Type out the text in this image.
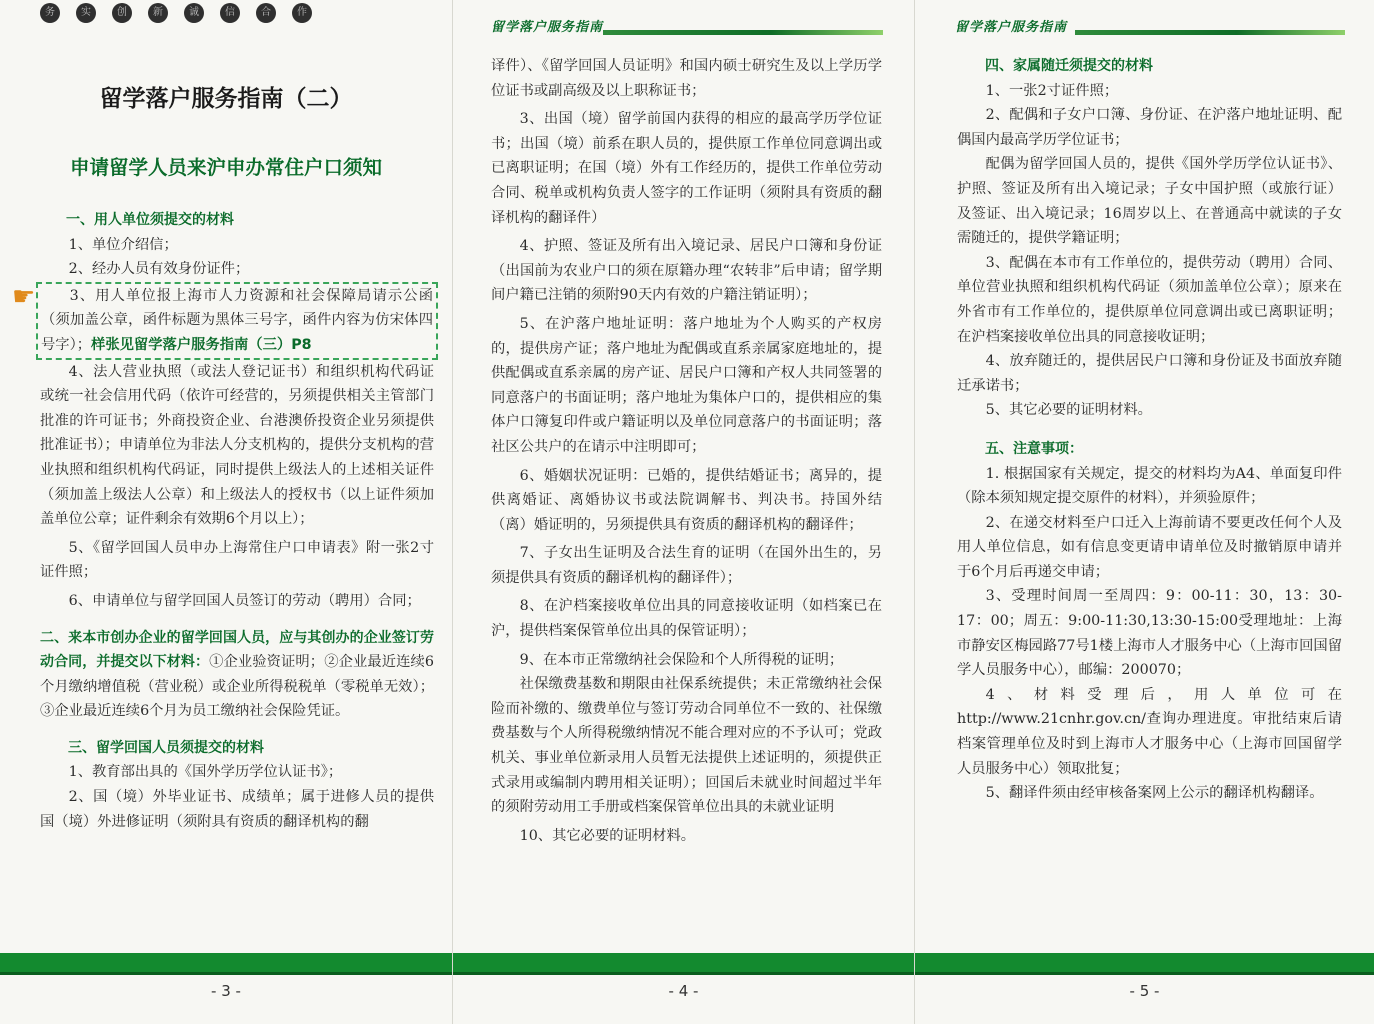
务	实	创	新	诚	信	合	作
留学落户服务指南（二）
申请留学人员来沪申办常住户口须知
☛

一、用人单位须提交的材料

1、单位介绍信；

2、经办人员有效身份证件；

3、用人单位报上海市人力资源和社会保障局请示公函（须加盖公章，函件标题为黑体三号字，函件内容为仿宋体四号字）；样张见留学落户服务指南（三）P8

4、法人营业执照（或法人登记证书）和组织机构代码证或统一社会信用代码（依许可经营的，另须提供相关主管部门批准的许可证书；外商投资企业、台港澳侨投资企业另须提供批准证书）；申请单位为非法人分支机构的，提供分支机构的营业执照和组织机构代码证，同时提供上级法人的上述相关证件（须加盖上级法人公章）和上级法人的授权书（以上证件须加盖单位公章；证件剩余有效期6个月以上）；

5、《留学回国人员申办上海常住户口申请表》附一张2寸证件照；

6、申请单位与留学回国人员签订的劳动（聘用）合同；

二、来本市创办企业的留学回国人员，应与其创办的企业签订劳动合同，并提交以下材料：①企业验资证明；②企业最近连续6个月缴纳增值税（营业税）或企业所得税税单（零税单无效）；③企业最近连续6个月为员工缴纳社会保险凭证。

三、留学回国人员须提交的材料

1、教育部出具的《国外学历学位认证书》；

2、国（境）外毕业证书、成绩单；属于进修人员的提供国（境）外进修证明（须附具有资质的翻译机构的翻

- 3 -
留学落户服务指南

译件）、《留学回国人员证明》和国内硕士研究生及以上学历学位证书或副高级及以上职称证书；

3、出国（境）留学前国内获得的相应的最高学历学位证书；出国（境）前系在职人员的，提供原工作单位同意调出或已离职证明；在国（境）外有工作经历的，提供工作单位劳动合同、税单或机构负责人签字的工作证明（须附具有资质的翻译机构的翻译件）

4、护照、签证及所有出入境记录、居民户口簿和身份证（出国前为农业户口的须在原籍办理“农转非”后申请；留学期间户籍已注销的须附90天内有效的户籍注销证明）；

5、在沪落户地址证明：落户地址为个人购买的产权房的，提供房产证；落户地址为配偶或直系亲属家庭地址的，提供配偶或直系亲属的房产证、居民户口簿和产权人共同签署的同意落户的书面证明；落户地址为集体户口的，提供相应的集体户口簿复印件或户籍证明以及单位同意落户的书面证明；落社区公共户的在请示中注明即可；

6、婚姻状况证明：已婚的，提供结婚证书；离异的，提供离婚证、离婚协议书或法院调解书、判决书。持国外结（离）婚证明的，另须提供具有资质的翻译机构的翻译件；

7、子女出生证明及合法生育的证明（在国外出生的，另须提供具有资质的翻译机构的翻译件）；

8、在沪档案接收单位出具的同意接收证明（如档案已在沪，提供档案保管单位出具的保管证明）；

9、在本市正常缴纳社会保险和个人所得税的证明；

社保缴费基数和期限由社保系统提供；未正常缴纳社会保险而补缴的、缴费单位与签订劳动合同单位不一致的、社保缴费基数与个人所得税缴纳情况不能合理对应的不予认可；党政机关、事业单位新录用人员暂无法提供上述证明的，须提供正式录用或编制内聘用相关证明）；回国后未就业时间超过半年的须附劳动用工手册或档案保管单位出具的未就业证明

10、其它必要的证明材料。

- 4 -
留学落户服务指南

四、家属随迁须提交的材料

1、一张2寸证件照；

2、配偶和子女户口簿、身份证、在沪落户地址证明、配偶国内最高学历学位证书；

配偶为留学回国人员的，提供《国外学历学位认证书》、护照、签证及所有出入境记录；子女中国护照（或旅行证）及签证、出入境记录；16周岁以上、在普通高中就读的子女需随迁的，提供学籍证明；

3、配偶在本市有工作单位的，提供劳动（聘用）合同、单位营业执照和组织机构代码证（须加盖单位公章）；原来在外省市有工作单位的，提供原单位同意调出或已离职证明；在沪档案接收单位出具的同意接收证明；

4、放弃随迁的，提供居民户口簿和身份证及书面放弃随迁承诺书；

5、其它必要的证明材料。

五、注意事项：

1. 根据国家有关规定，提交的材料均为A4、单面复印件（除本须知规定提交原件的材料），并须验原件；

2、在递交材料至户口迁入上海前请不要更改任何个人及用人单位信息，如有信息变更请申请单位及时撤销原申请并于6个月后再递交申请；

3、受理时间周一至周四：9：00-11：30，13：30-17：00；周五：9:00-11:30,13:30-15:00受理地址：上海市静安区梅园路77号1楼上海市人才服务中心（上海市回国留学人员服务中心），邮编：200070；

4、材料受理后，用人单位可在http://www.21cnhr.gov.cn/查询办理进度。审批结束后请档案管理单位及时到上海市人才服务中心（上海市回国留学人员服务中心）领取批复；

5、翻译件须由经审核备案网上公示的翻译机构翻译。

- 5 -
